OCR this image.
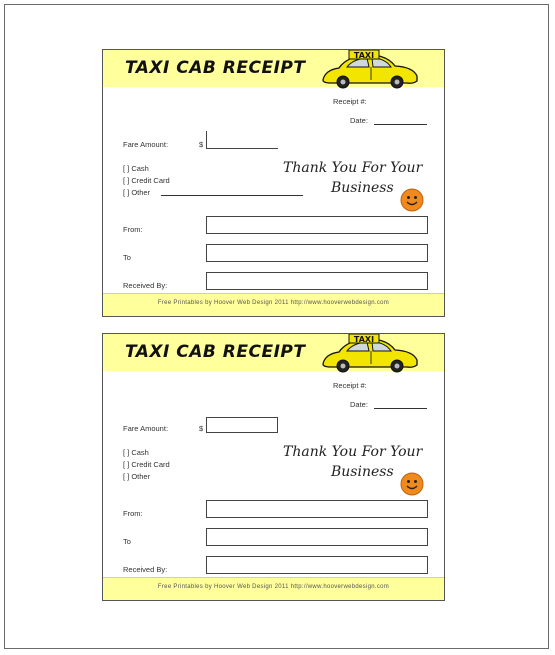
TAXI CAB RECEIPT
TAXI
Receipt #:
Date:
Fare Amount:	$
[ ] Cash
[ ] Credit Card
[ ] Other
Thank You For Your
Business
From:
To
Received By:
Free Printables by Hoover Web Design 2011 http://www.hooverwebdesign.com
TAXI CAB RECEIPT
TAXI
Receipt #:
Date:
Fare Amount:	$
[ ] Cash
[ ] Credit Card
[ ] Other
Thank You For Your
Business
From:
To
Received By:
Free Printables by Hoover Web Design 2011 http://www.hooverwebdesign.com
